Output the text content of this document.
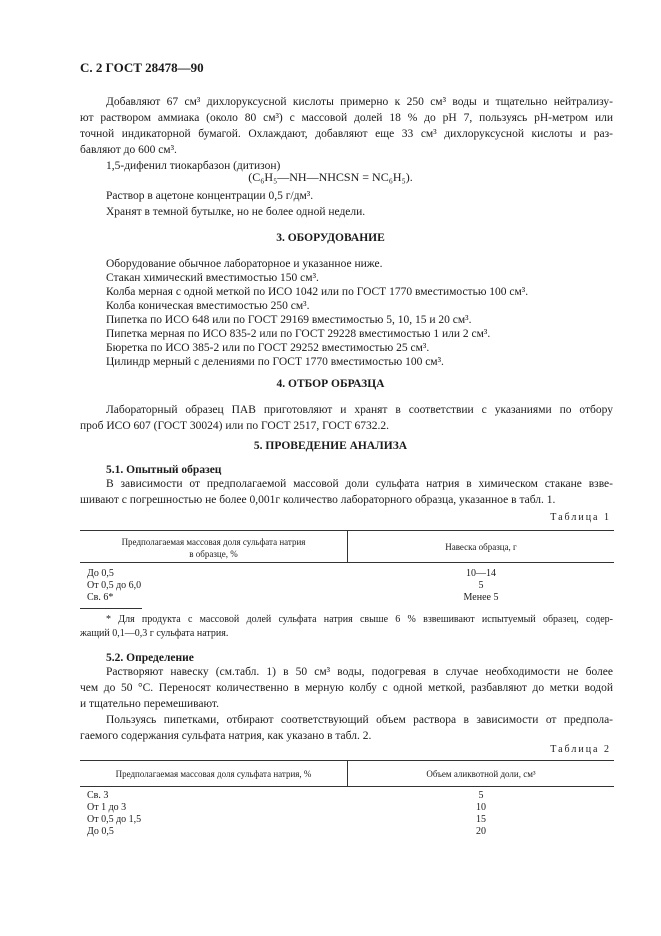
С. 2 ГОСТ 28478—90

Добавляют 67 см³ дихлоруксусной кислоты примерно к 250 см³ воды и тщательно нейтрализу-

ют раствором аммиака (около 80 см³) с массовой долей 18 % до pH 7, пользуясь pH-метром или

точной индикаторной бумагой. Охлаждают, добавляют еще 33 см³ дихлоруксусной кислоты и раз-

бавляют до 600 см³.

1,5-дифенил тиокарбазон (дитизон)

(C₆H₅—NH—NHCSN = NC₆H₅).

Раствор в ацетоне концентрации 0,5 г/дм³.

Хранят в темной бутылке, но не более одной недели.

3. ОБОРУДОВАНИЕ

Оборудование обычное лабораторное и указанное ниже.

Стакан химический вместимостью 150 см³.

Колба мерная с одной меткой по ИСО 1042 или по ГОСТ 1770 вместимостью 100 см³.

Колба коническая вместимостью 250 см³.

Пипетка по ИСО 648 или по ГОСТ 29169 вместимостью 5, 10, 15 и 20 см³.

Пипетка мерная по ИСО 835-2 или по ГОСТ 29228 вместимостью 1 или 2 см³.

Бюретка по ИСО 385-2 или по ГОСТ 29252 вместимостью 25 см³.

Цилиндр мерный с делениями по ГОСТ 1770 вместимостью 100 см³.

4. ОТБОР ОБРАЗЦА

Лабораторный образец ПАВ приготовляют и хранят в соответствии с указаниями по отбору

проб ИСО 607 (ГОСТ 30024) или по ГОСТ 2517, ГОСТ 6732.2.

5. ПРОВЕДЕНИЕ АНАЛИЗА

5.1. Опытный образец

В зависимости от предполагаемой массовой доли сульфата натрия в химическом стакане взве-

шивают с погрешностью не более 0,001г количество лабораторного образца, указанное в табл. 1.

Таблица 1
Предполагаемая массовая доля сульфата натрия
в образце, %
Навеска образца, г
До 0,5	10—14
От 0,5 до 6,0	5
Св. 6*	Менее 5

* Для продукта с массовой долей сульфата натрия свыше 6 % взвешивают испытуемый образец, содер-

жащий 0,1—0,3 г сульфата натрия.

5.2. Определение

Растворяют навеску (см.табл. 1) в 50 см³ воды, подогревая в случае необходимости не более

чем до 50 °С. Переносят количественно в мерную колбу с одной меткой, разбавляют до метки водой

и тщательно перемешивают.

Пользуясь пипетками, отбирают соответствующий объем раствора в зависимости от предпола-

гаемого содержания сульфата натрия, как указано в табл. 2.

Таблица 2
Предполагаемая массовая доля сульфата натрия, %	Объем аликвотной доли, см³
Св. 3	5
От 1 до 3	10
От 0,5 до 1,5	15
До 0,5	20
